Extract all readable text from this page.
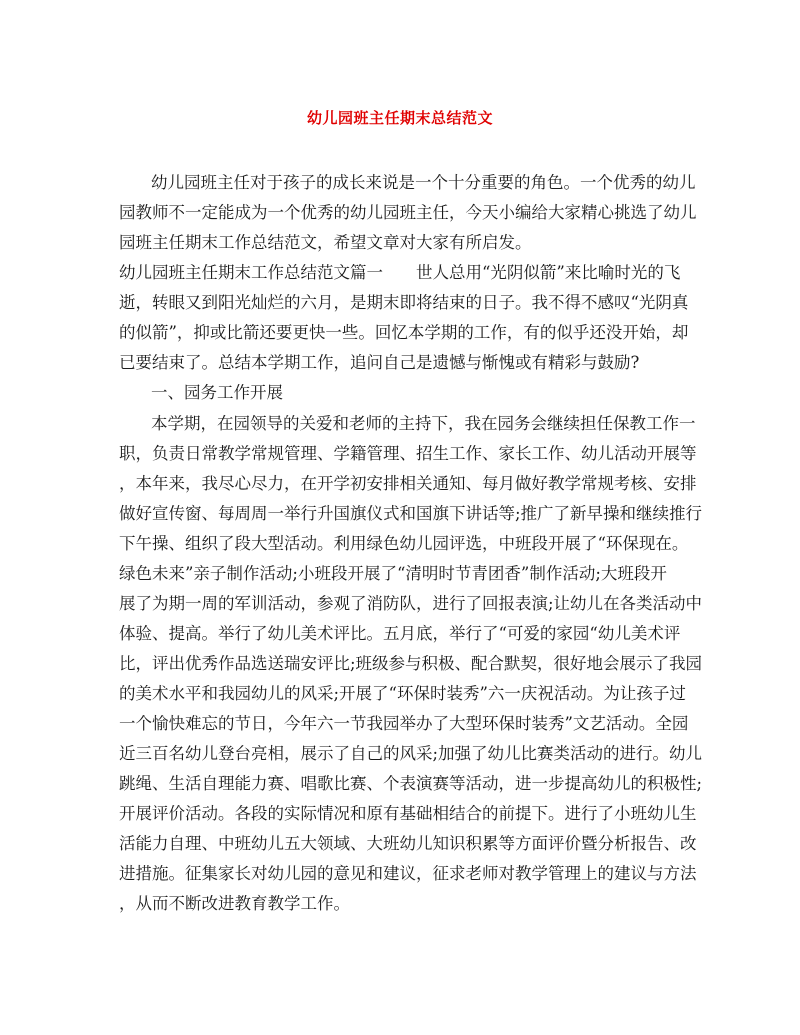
幼儿园班主任期末总结范文

幼儿园班主任对于孩子的成长来说是一个十分重要的角色。一个优秀的幼儿

园教师不一定能成为一个优秀的幼儿园班主任，今天小编给大家精心挑选了幼儿

园班主任期末工作总结范文，希望文章对大家有所启发。

幼儿园班主任期末工作总结范文篇一　　世人总用“光阴似箭”来比喻时光的飞

逝，转眼又到阳光灿烂的六月，是期末即将结束的日子。我不得不感叹“光阴真

的似箭”，抑或比箭还要更快一些。回忆本学期的工作，有的似乎还没开始，却

已要结束了。总结本学期工作，追问自己是遗憾与惭愧或有精彩与鼓励?

一、园务工作开展

本学期，在园领导的关爱和老师的主持下，我在园务会继续担任保教工作一

职，负责日常教学常规管理、学籍管理、招生工作、家长工作、幼儿活动开展等

，本年来，我尽心尽力，在开学初安排相关通知、每月做好教学常规考核、安排

做好宣传窗、每周周一举行升国旗仪式和国旗下讲话等;推广了新早操和继续推行

下午操、组织了段大型活动。利用绿色幼儿园评选，中班段开展了“环保现在。

绿色未来”亲子制作活动;小班段开展了“清明时节青团香”制作活动;大班段开

展了为期一周的军训活动，参观了消防队，进行了回报表演;让幼儿在各类活动中

体验、提高。举行了幼儿美术评比。五月底，举行了“可爱的家园“幼儿美术评

比，评出优秀作品选送瑞安评比;班级参与积极、配合默契，很好地会展示了我园

的美术水平和我园幼儿的风采;开展了“环保时装秀”六一庆祝活动。为让孩子过

一个愉快难忘的节日，今年六一节我园举办了大型环保时装秀”文艺活动。全园

近三百名幼儿登台亮相，展示了自己的风采;加强了幼儿比赛类活动的进行。幼儿

跳绳、生活自理能力赛、唱歌比赛、个表演赛等活动，进一步提高幼儿的积极性;

开展评价活动。各段的实际情况和原有基础相结合的前提下。进行了小班幼儿生

活能力自理、中班幼儿五大领域、大班幼儿知识积累等方面评价暨分析报告、改

进措施。征集家长对幼儿园的意见和建议，征求老师对教学管理上的建议与方法

，从而不断改进教育教学工作。
